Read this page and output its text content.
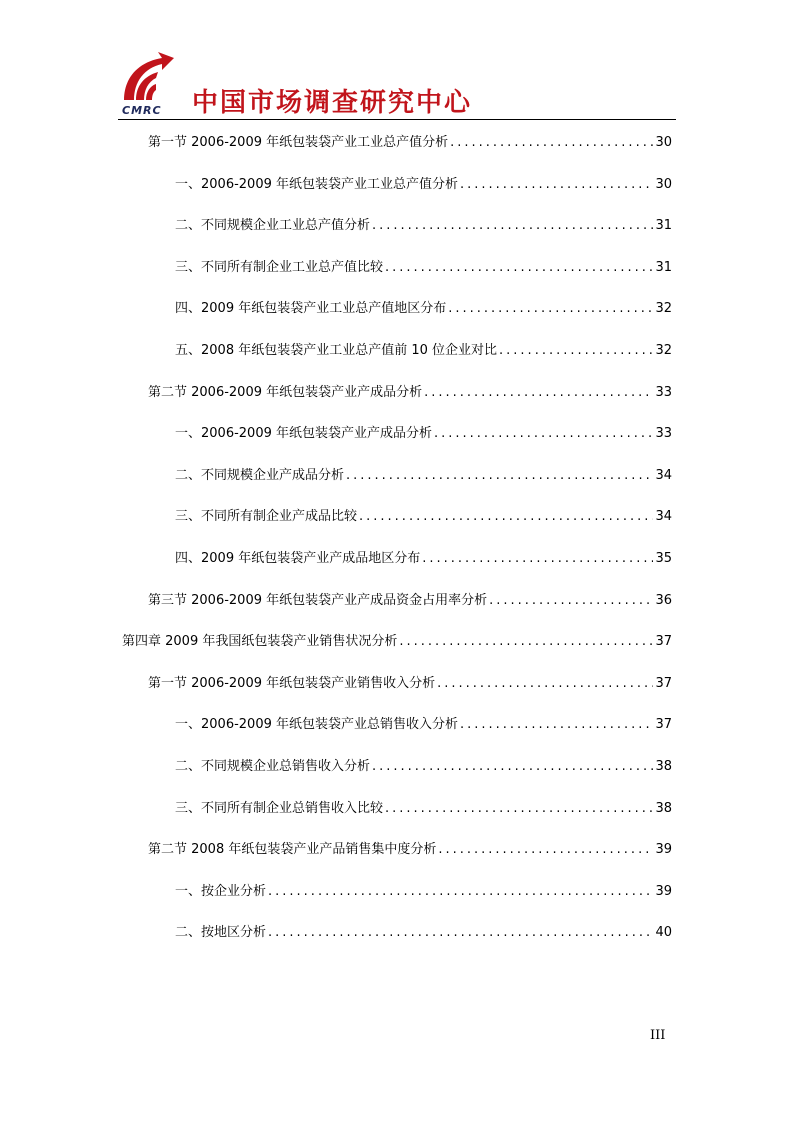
CMRC 中国市场调查研究中心
第一节 2006-2009 年纸包装袋产业工业总产值分析 .....	30
一、2006-2009 年纸包装袋产业工业总产值分析 .....	30
二、不同规模企业工业总产值分析 .....	31
三、不同所有制企业工业总产值比较 .....	31
四、2009 年纸包装袋产业工业总产值地区分布 .....	32
五、2008 年纸包装袋产业工业总产值前 10 位企业对比 .....	32
第二节 2006-2009 年纸包装袋产业产成品分析 .....	33
一、2006-2009 年纸包装袋产业产成品分析 .....	33
二、不同规模企业产成品分析 .....	34
三、不同所有制企业产成品比较 .....	34
四、2009 年纸包装袋产业产成品地区分布 .....	35
第三节 2006-2009 年纸包装袋产业产成品资金占用率分析 .....	36
第四章 2009 年我国纸包装袋产业销售状况分析 .....	37
第一节 2006-2009 年纸包装袋产业销售收入分析 .....	37
一、2006-2009 年纸包装袋产业总销售收入分析 .....	37
二、不同规模企业总销售收入分析 .....	38
三、不同所有制企业总销售收入比较 .....	38
第二节 2008 年纸包装袋产业产品销售集中度分析 .....	39
一、按企业分析 .....	39
二、按地区分析 .....	40
III
